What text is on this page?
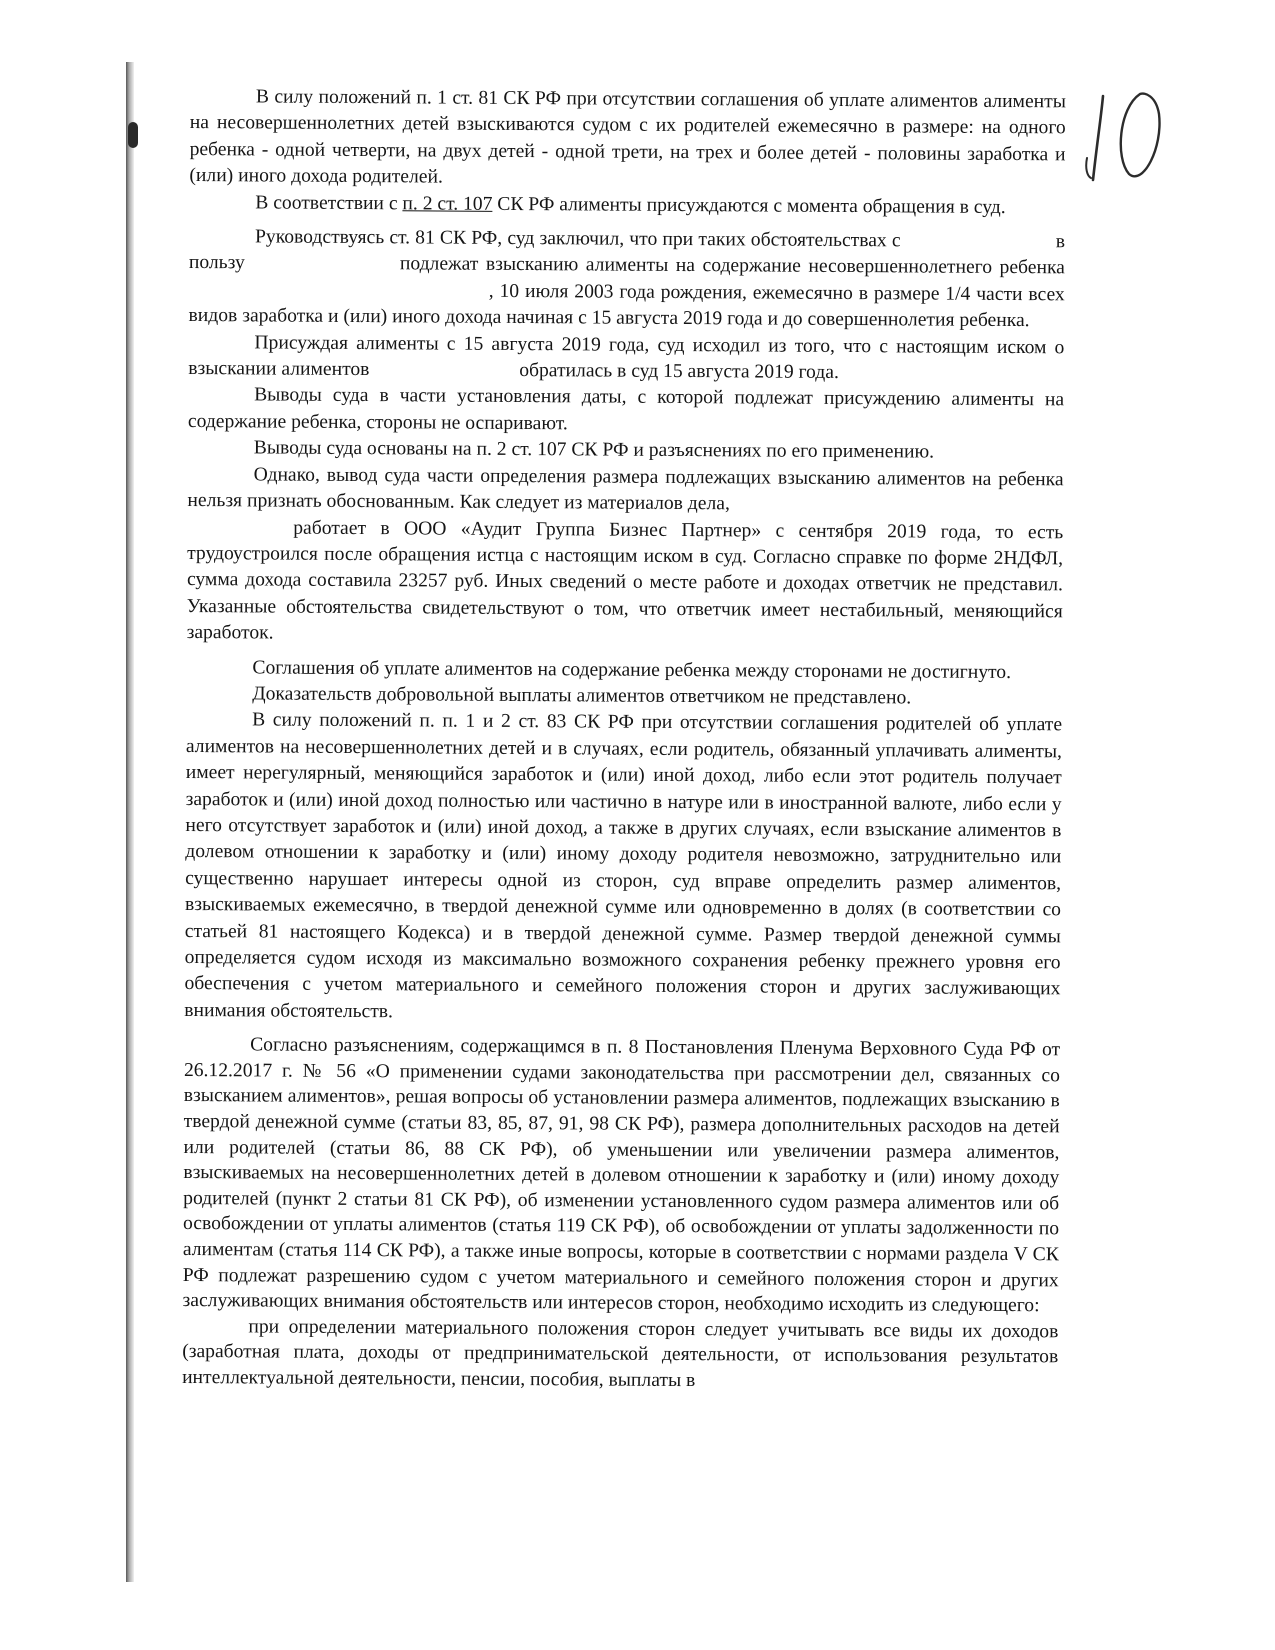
В силу положений п. 1 ст. 81 СК РФ при отсутствии соглашения об уплате алиментов алименты на несовершеннолетних детей взыскиваются судом с их родителей ежемесячно в размере: на одного ребенка - одной четверти, на двух детей - одной трети, на трех и более детей - половины заработка и (или) иного дохода родителей.

В соответствии с п. 2 ст. 107 СК РФ алименты присуждаются с момента обращения в суд.

Руководствуясь ст. 81 СК РФ, суд заключил, что при таких обстоятельствах с	в пользу	подлежат взысканию алименты на содержание несовершеннолетнего ребенка , 10 июля 2003 года рождения, ежемесячно в размере 1/4 части всех видов заработка и (или) иного дохода начиная с 15 августа 2019 года и до совершеннолетия ребенка.

Присуждая алименты с 15 августа 2019 года, суд исходил из того, что с настоящим иском о взыскании алиментов	обратилась в суд 15 августа 2019 года.

Выводы суда в части установления даты, с которой подлежат присуждению алименты на содержание ребенка, стороны не оспаривают.

Выводы суда основаны на п. 2 ст. 107 СК РФ и разъяснениях по его применению.

Однако, вывод суда части определения размера подлежащих взысканию алиментов на ребенка нельзя признать обоснованным. Как следует из материалов дела,

работает в ООО «Аудит Группа Бизнес Партнер» с сентября 2019 года, то есть трудоустроился после обращения истца с настоящим иском в суд. Согласно справке по форме 2НДФЛ, сумма дохода составила 23257 руб. Иных сведений о месте работе и доходах ответчик не представил. Указанные обстоятельства свидетельствуют о том, что ответчик имеет нестабильный, меняющийся заработок.

Соглашения об уплате алиментов на содержание ребенка между сторонами не достигнуто.

Доказательств добровольной выплаты алиментов ответчиком не представлено.

В силу положений п. п. 1 и 2 ст. 83 СК РФ при отсутствии соглашения родителей об уплате алиментов на несовершеннолетних детей и в случаях, если родитель, обязанный уплачивать алименты, имеет нерегулярный, меняющийся заработок и (или) иной доход, либо если этот родитель получает заработок и (или) иной доход полностью или частично в натуре или в иностранной валюте, либо если у него отсутствует заработок и (или) иной доход, а также в других случаях, если взыскание алиментов в долевом отношении к заработку и (или) иному доходу родителя невозможно, затруднительно или существенно нарушает интересы одной из сторон, суд вправе определить размер алиментов, взыскиваемых ежемесячно, в твердой денежной сумме или одновременно в долях (в соответствии со статьей 81 настоящего Кодекса) и в твердой денежной сумме. Размер твердой денежной суммы определяется судом исходя из максимально возможного сохранения ребенку прежнего уровня его обеспечения с учетом материального и семейного положения сторон и других заслуживающих внимания обстоятельств.

Согласно разъяснениям, содержащимся в п. 8 Постановления Пленума Верховного Суда РФ от 26.12.2017 г. № 56 «О применении судами законодательства при рассмотрении дел, связанных со взысканием алиментов», решая вопросы об установлении размера алиментов, подлежащих взысканию в твердой денежной сумме (статьи 83, 85, 87, 91, 98 СК РФ), размера дополнительных расходов на детей или родителей (статьи 86, 88 СК РФ), об уменьшении или увеличении размера алиментов, взыскиваемых на несовершеннолетних детей в долевом отношении к заработку и (или) иному доходу родителей (пункт 2 статьи 81 СК РФ), об изменении установленного судом размера алиментов или об освобождении от уплаты алиментов (статья 119 СК РФ), об освобождении от уплаты задолженности по алиментам (статья 114 СК РФ), а также иные вопросы, которые в соответствии с нормами раздела V СК РФ подлежат разрешению судом с учетом материального и семейного положения сторон и других заслуживающих внимания обстоятельств или интересов сторон, необходимо исходить из следующего:

при определении материального положения сторон следует учитывать все виды их доходов (заработная плата, доходы от предпринимательской деятельности, от использования результатов интеллектуальной деятельности, пенсии, пособия, выплаты в
